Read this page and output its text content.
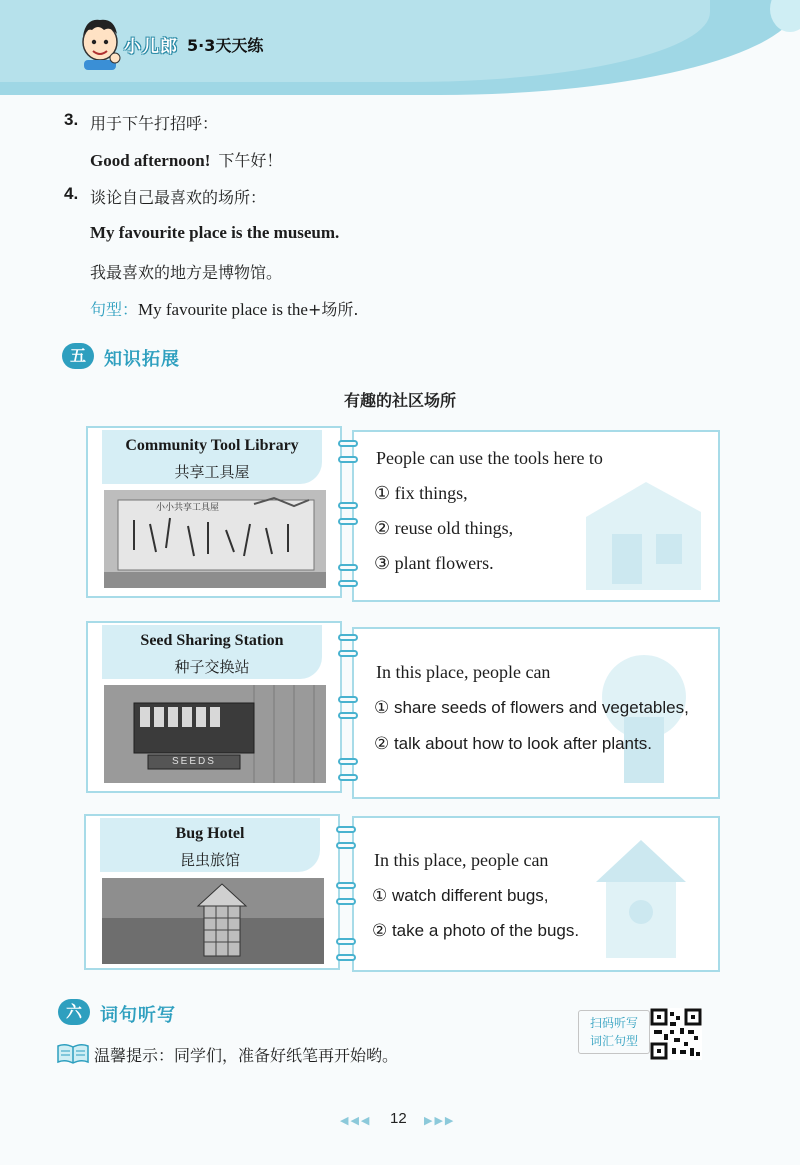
小儿郎 5·3天天练
3. 用于下午打招呼：
Good afternoon! 下午好！
4. 谈论自己最喜欢的场所：
My favourite place is the museum.
我最喜欢的地方是博物馆。
句型：My favourite place is the+场所.
五	知识拓展
有趣的社区场所
Community Tool Library
共享工具屋
小小共享工具屋
People can use the tools here to
① fix things,
② reuse old things,
③ plant flowers.
Seed Sharing Station
种子交换站
SEEDS
In this place, people can
① share seeds of flowers and vegetables,
② talk about how to look after plants.
Bug Hotel
昆虫旅馆	In this place, people can
① watch different bugs,
② take a photo of the bugs.
六	词句听写
温馨提示：同学们，准备好纸笔再开始哟。
扫码听写
词汇句型
◀◀◀ 12 ▶▶▶
